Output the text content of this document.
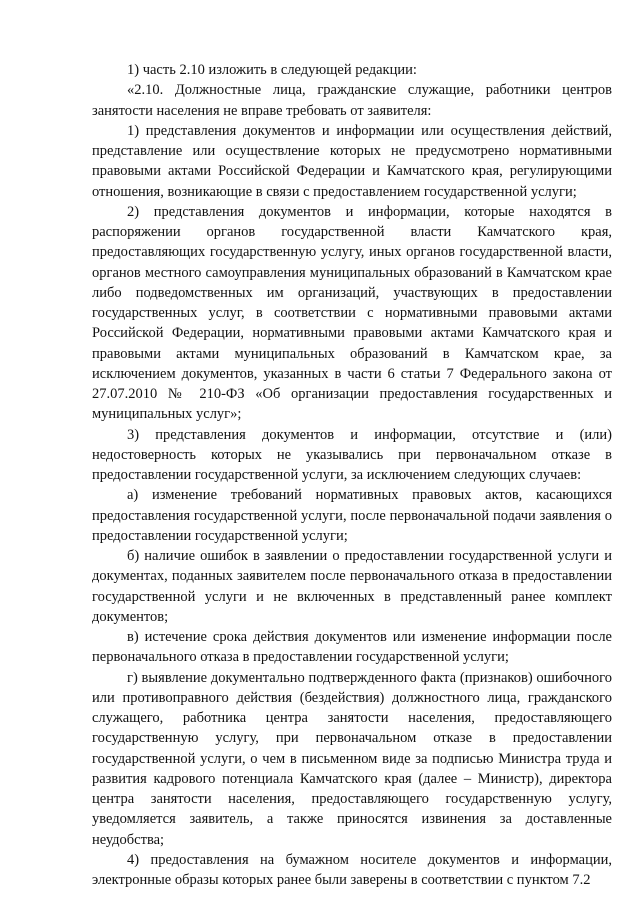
1) часть 2.10 изложить в следующей редакции:

«2.10. Должностные лица, гражданские служащие, работники центров занятости населения не вправе требовать от заявителя:

1) представления документов и информации или осуществления действий, представление или осуществление которых не предусмотрено нормативными правовыми актами Российской Федерации и Камчатского края, регулирующими отношения, возникающие в связи с предоставлением государственной услуги;

2) представления документов и информации, которые находятся в распоряжении органов государственной власти Камчатского края, предоставляющих государственную услугу, иных органов государственной власти, органов местного самоуправления муниципальных образований в Камчатском крае либо подведомственных им организаций, участвующих в предоставлении государственных услуг, в соответствии с нормативными правовыми актами Российской Федерации, нормативными правовыми актами Камчатского края и правовыми актами муниципальных образований в Камчатском крае, за исключением документов, указанных в части 6 статьи 7 Федерального закона от 27.07.2010 № 210-ФЗ «Об организации предоставления государственных и муниципальных услуг»;

3) представления документов и информации, отсутствие и (или) недостоверность которых не указывались при первоначальном отказе в предоставлении государственной услуги, за исключением следующих случаев:

а) изменение требований нормативных правовых актов, касающихся предоставления государственной услуги, после первоначальной подачи заявления о предоставлении государственной услуги;

б) наличие ошибок в заявлении о предоставлении государственной услуги и документах, поданных заявителем после первоначального отказа в предоставлении государственной услуги и не включенных в представленный ранее комплект документов;

в) истечение срока действия документов или изменение информации после первоначального отказа в предоставлении государственной услуги;

г) выявление документально подтвержденного факта (признаков) ошибочного или противоправного действия (бездействия) должностного лица, гражданского служащего, работника центра занятости населения, предоставляющего государственную услугу, при первоначальном отказе в предоставлении государственной услуги, о чем в письменном виде за подписью Министра труда и развития кадрового потенциала Камчатского края (далее – Министр), директора центра занятости населения, предоставляющего государственную услугу, уведомляется заявитель, а также приносятся извинения за доставленные неудобства;

4) предоставления на бумажном носителе документов и информации, электронные образы которых ранее были заверены в соответствии с пунктом 7.2
